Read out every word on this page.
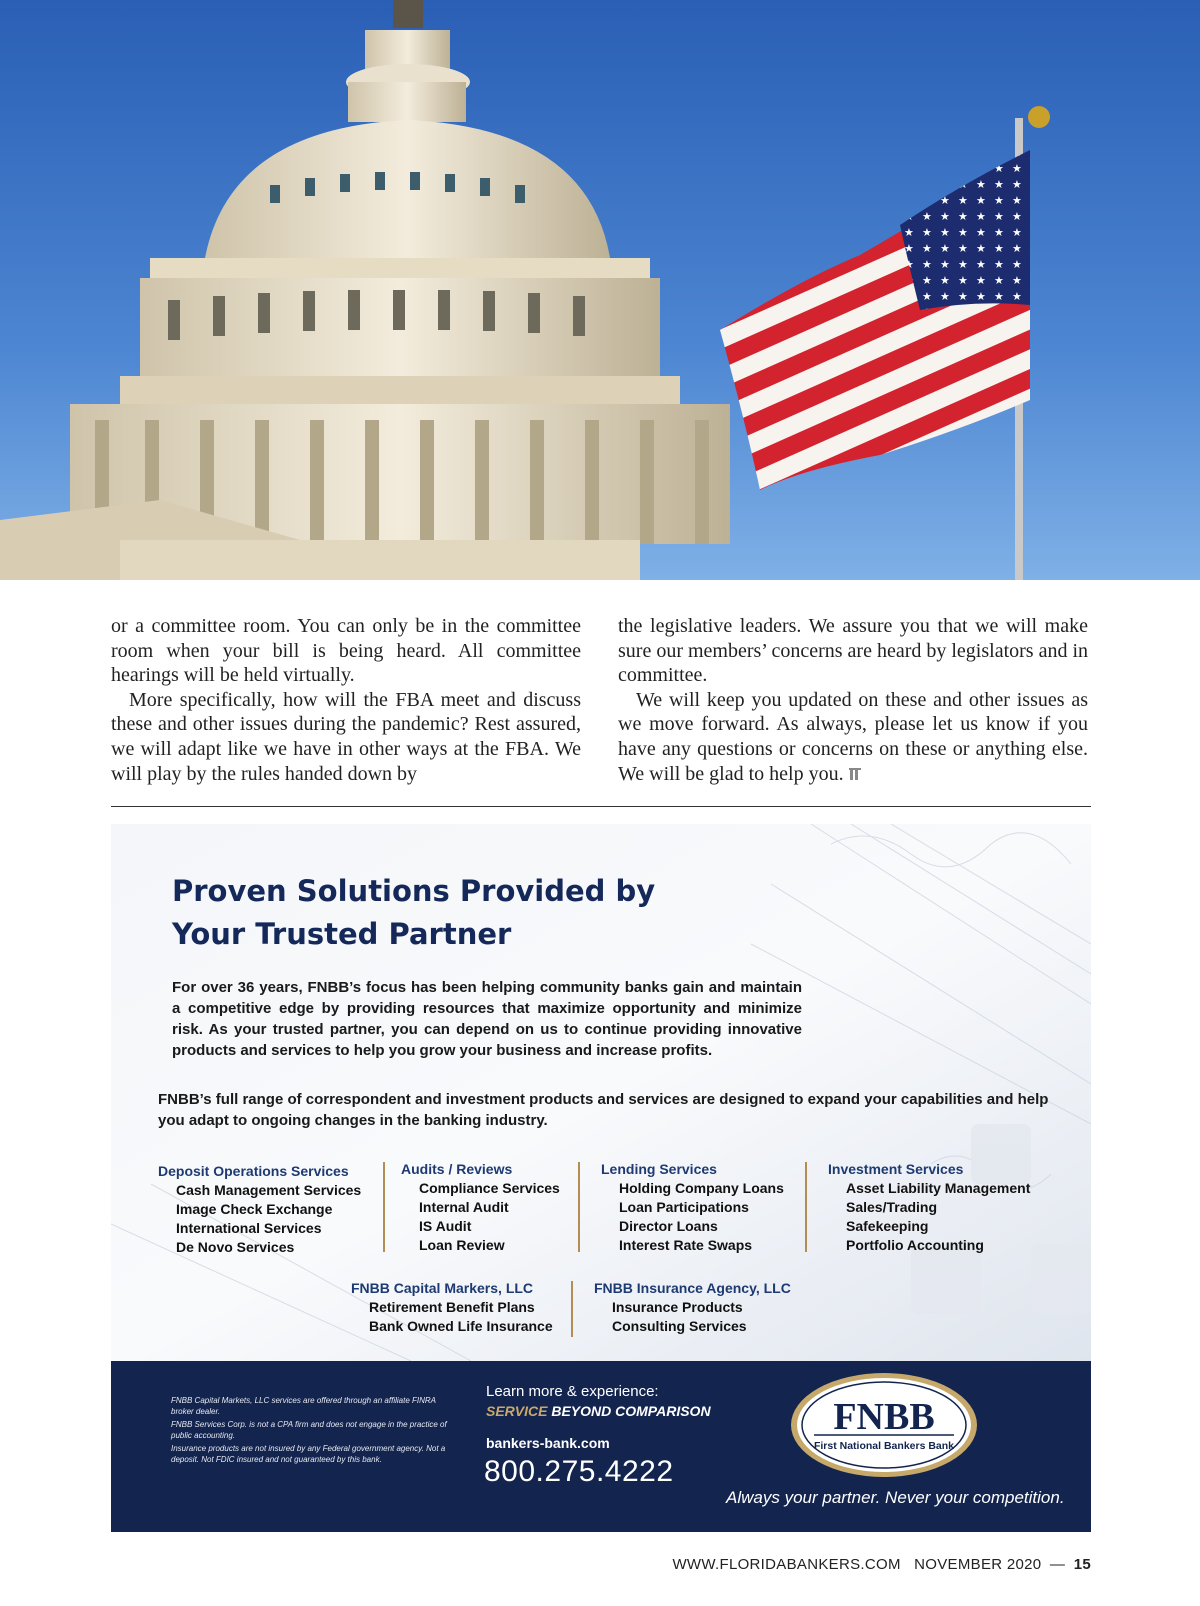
or a committee room. You can only be in the committee room when your bill is being heard. All committee hearings will be held virtually.

More specifically, how will the FBA meet and discuss these and other issues during the pandemic? Rest assured, we will adapt like we have in other ways at the FBA. We will play by the rules handed down by

the legislative leaders. We assure you that we will make sure our members’ concerns are heard by legislators and in committee.

We will keep you updated on these and other issues as we move forward. As always, please let us know if you have any questions or concerns on these or anything else. We will be glad to help you.

Proven Solutions Provided by
Your Trusted Partner

For over 36 years, FNBB’s focus has been helping community banks gain and maintain a competitive edge by providing resources that maximize opportunity and minimize risk. As your trusted partner, you can depend on us to continue providing innovative products and services to help you grow your business and increase profits.

FNBB’s full range of correspondent and investment products and services are designed to expand your capabilities and help you adapt to ongoing changes in the banking industry.

Deposit Operations Services
Cash Management Services
Image Check Exchange
International Services
De Novo Services
Audits / Reviews
Compliance Services
Internal Audit
IS Audit
Loan Review
Lending Services
Holding Company Loans
Loan Participations
Director Loans
Interest Rate Swaps
Investment Services
Asset Liability Management
Sales/Trading
Safekeeping
Portfolio Accounting
FNBB Capital Markers, LLC
Retirement Benefit Plans
Bank Owned Life Insurance
FNBB Insurance Agency, LLC
Insurance Products
Consulting Services

FNBB Capital Markets, LLC services are offered through an affiliate FINRA broker dealer.

FNBB Services Corp. is not a CPA firm and does not engage in the practice of public accounting.

Insurance products are not insured by any Federal government agency. Not a deposit. Not FDIC insured and not guaranteed by this bank.

Learn more & experience:
SERVICE BEYOND COMPARISON
bankers-bank.com
800.275.4222
FNBB
First National Bankers Bank
Always your partner. Never your competition.
WWW.FLORIDABANKERS.COM NOVEMBER 2020 — 15
